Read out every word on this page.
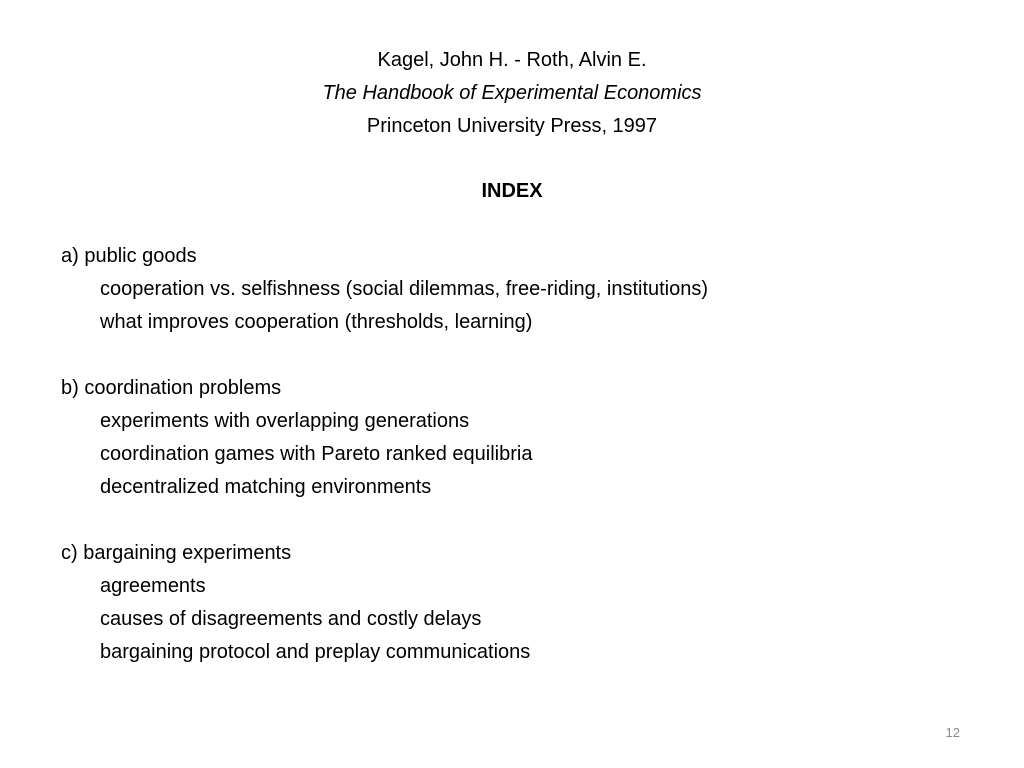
Kagel, John H. - Roth, Alvin E.
The Handbook of Experimental Economics
Princeton University Press, 1997
INDEX
a) public goods
cooperation vs. selfishness (social dilemmas, free-riding, institutions)
what improves cooperation (thresholds, learning)
b) coordination problems
experiments with overlapping generations
coordination games with Pareto ranked equilibria
decentralized matching environments
c) bargaining experiments
agreements
causes of disagreements and costly delays
bargaining protocol and preplay communications
12
